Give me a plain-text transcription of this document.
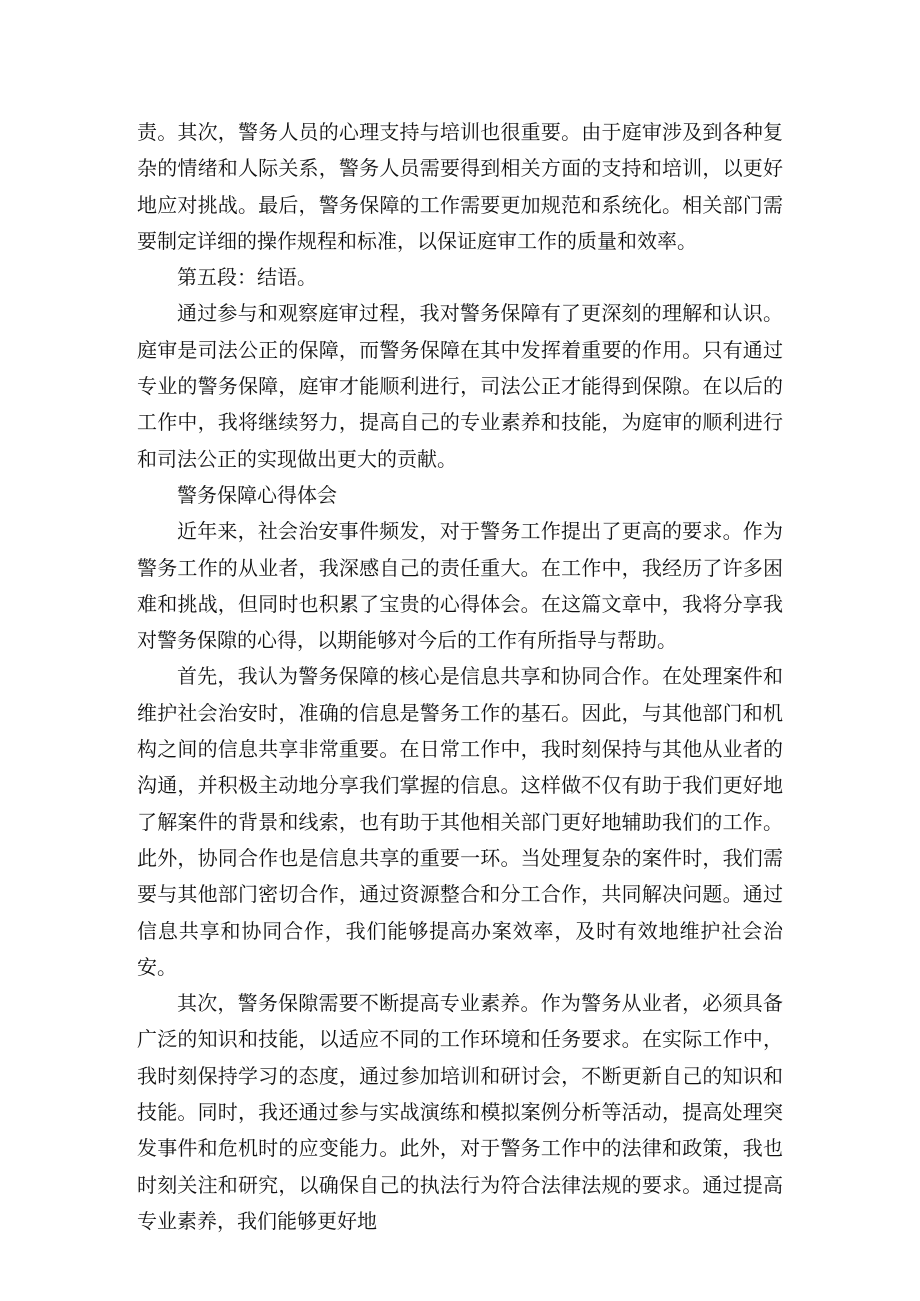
责。其次，警务人员的心理支持与培训也很重要。由于庭审涉及到各种复杂的情绪和人际关系，警务人员需要得到相关方面的支持和培训，以更好地应对挑战。最后，警务保障的工作需要更加规范和系统化。相关部门需要制定详细的操作规程和标准，以保证庭审工作的质量和效率。

第五段：结语。

通过参与和观察庭审过程，我对警务保障有了更深刻的理解和认识。庭审是司法公正的保障，而警务保障在其中发挥着重要的作用。只有通过专业的警务保障，庭审才能顺利进行，司法公正才能得到保隙。在以后的工作中，我将继续努力，提高自己的专业素养和技能，为庭审的顺利进行和司法公正的实现做出更大的贡献。

警务保障心得体会

近年来，社会治安事件频发，对于警务工作提出了更高的要求。作为警务工作的从业者，我深感自己的责任重大。在工作中，我经历了许多困难和挑战，但同时也积累了宝贵的心得体会。在这篇文章中，我将分享我对警务保隙的心得，以期能够对今后的工作有所指导与帮助。

首先，我认为警务保障的核心是信息共享和协同合作。在处理案件和维护社会治安时，准确的信息是警务工作的基石。因此，与其他部门和机构之间的信息共享非常重要。在日常工作中，我时刻保持与其他从业者的沟通，并积极主动地分享我们掌握的信息。这样做不仅有助于我们更好地了解案件的背景和线索，也有助于其他相关部门更好地辅助我们的工作。此外，协同合作也是信息共享的重要一环。当处理复杂的案件时，我们需要与其他部门密切合作，通过资源整合和分工合作，共同解决问题。通过信息共享和协同合作，我们能够提高办案效率，及时有效地维护社会治安。

其次，警务保隙需要不断提高专业素养。作为警务从业者，必须具备广泛的知识和技能，以适应不同的工作环境和任务要求。在实际工作中，我时刻保持学习的态度，通过参加培训和研讨会，不断更新自己的知识和技能。同时，我还通过参与实战演练和模拟案例分析等活动，提高处理突发事件和危机时的应变能力。此外，对于警务工作中的法律和政策，我也时刻关注和研究，以确保自己的执法行为符合法律法规的要求。通过提高专业素养，我们能够更好地
